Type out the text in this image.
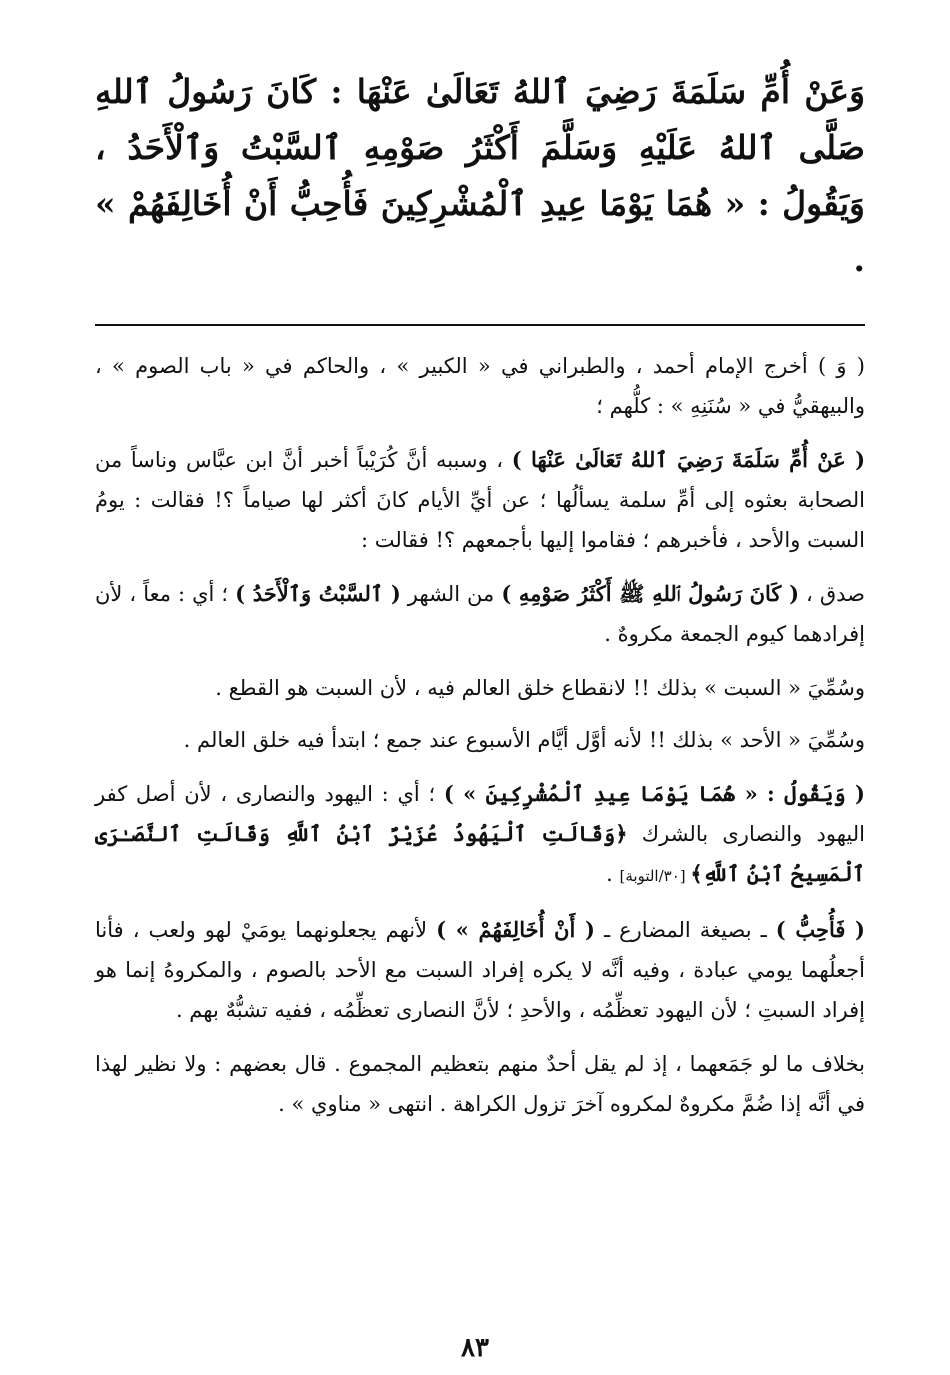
وَعَنْ أُمِّ سَلَمَةَ رَضِيَ ٱللهُ تَعَالَىٰ عَنْهَا : كَانَ رَسُولُ ٱللهِ صَلَّى ٱللهُ عَلَيْهِ وَسَلَّمَ أَكْثَرُ صَوْمِهِ ٱلسَّبْتُ وَٱلْأَحَدُ ، وَيَقُولُ : « هُمَا يَوْمَا عِيدِ ٱلْمُشْرِكِينَ فَأُحِبُّ أَنْ أُخَالِفَهُمْ » .

( وَ ) أخرج الإمام أحمد ، والطبراني في « الكبير » ، والحاكم في « باب الصوم » ، والبيهقيُّ في « سُنَنِهِ » : كلُّهم ؛

( عَنْ أُمِّ سَلَمَةَ رَضِيَ ٱللهُ تَعَالَىٰ عَنْهَا ) ، وسببه أنَّ كُرَيْباً أخبر أنَّ ابن عبَّاس وناساً من الصحابة بعثوه إلى أمِّ سلمة يسألُها ؛ عن أيِّ الأيام كانَ أكثر لها صياماً ؟! فقالت : يومُ السبت والأحد ، فأخبرهم ؛ فقاموا إليها بأجمعهم ؟! فقالت :

صدق ، ( كَانَ رَسُولُ ٱللهِ ﷺ أَكْثَرُ صَوْمِهِ ) من الشهر ( ٱلسَّبْتُ وَٱلْأَحَدُ ) ؛ أي : معاً ، لأن إفرادهما كيوم الجمعة مكروهٌ .

وسُمِّيَ « السبت » بذلك !! لانقطاع خلق العالم فيه ، لأن السبت هو القطع .

وسُمِّيَ « الأحد » بذلك !! لأنه أوَّل أيَّام الأسبوع عند جمع ؛ ابتدأ فيه خلق العالم .

( وَيَقُولُ : « هُمَا يَوْمَا عِيدِ ٱلْمُشْرِكِينَ » ) ؛ أي : اليهود والنصارى ، لأن أصل كفر اليهود والنصارى بالشرك ﴿وَقَالَتِ ٱلْيَهُودُ عُزَيْرٌ ٱبْنُ ٱللَّهِ وَقَالَتِ ٱلنَّصَـٰرَى ٱلْمَسِيحُ ٱبْنُ ٱللَّهِ﴾ [٣٠/التوبة] .

( فَأُحِبُّ ) ـ بصيغة المضارع ـ ( أَنْ أُخَالِفَهُمْ » ) لأنهم يجعلونهما يومَيْ لهو ولعب ، فأنا أجعلُهما يومي عبادة ، وفيه أنَّه لا يكره إفراد السبت مع الأحد بالصوم ، والمكروهُ إنما هو إفراد السبتِ ؛ لأن اليهود تعظِّمُه ، والأحدِ ؛ لأنَّ النصارى تعظِّمُه ، ففيه تشبُّهٌ بهم .

بخلاف ما لو جَمَعهما ، إذ لم يقل أحدٌ منهم بتعظيم المجموع . قال بعضهم : ولا نظير لهذا في أنَّه إذا ضُمَّ مكروهٌ لمكروه آخرَ تزول الكراهة . انتهى « مناوي » .

٨٣
